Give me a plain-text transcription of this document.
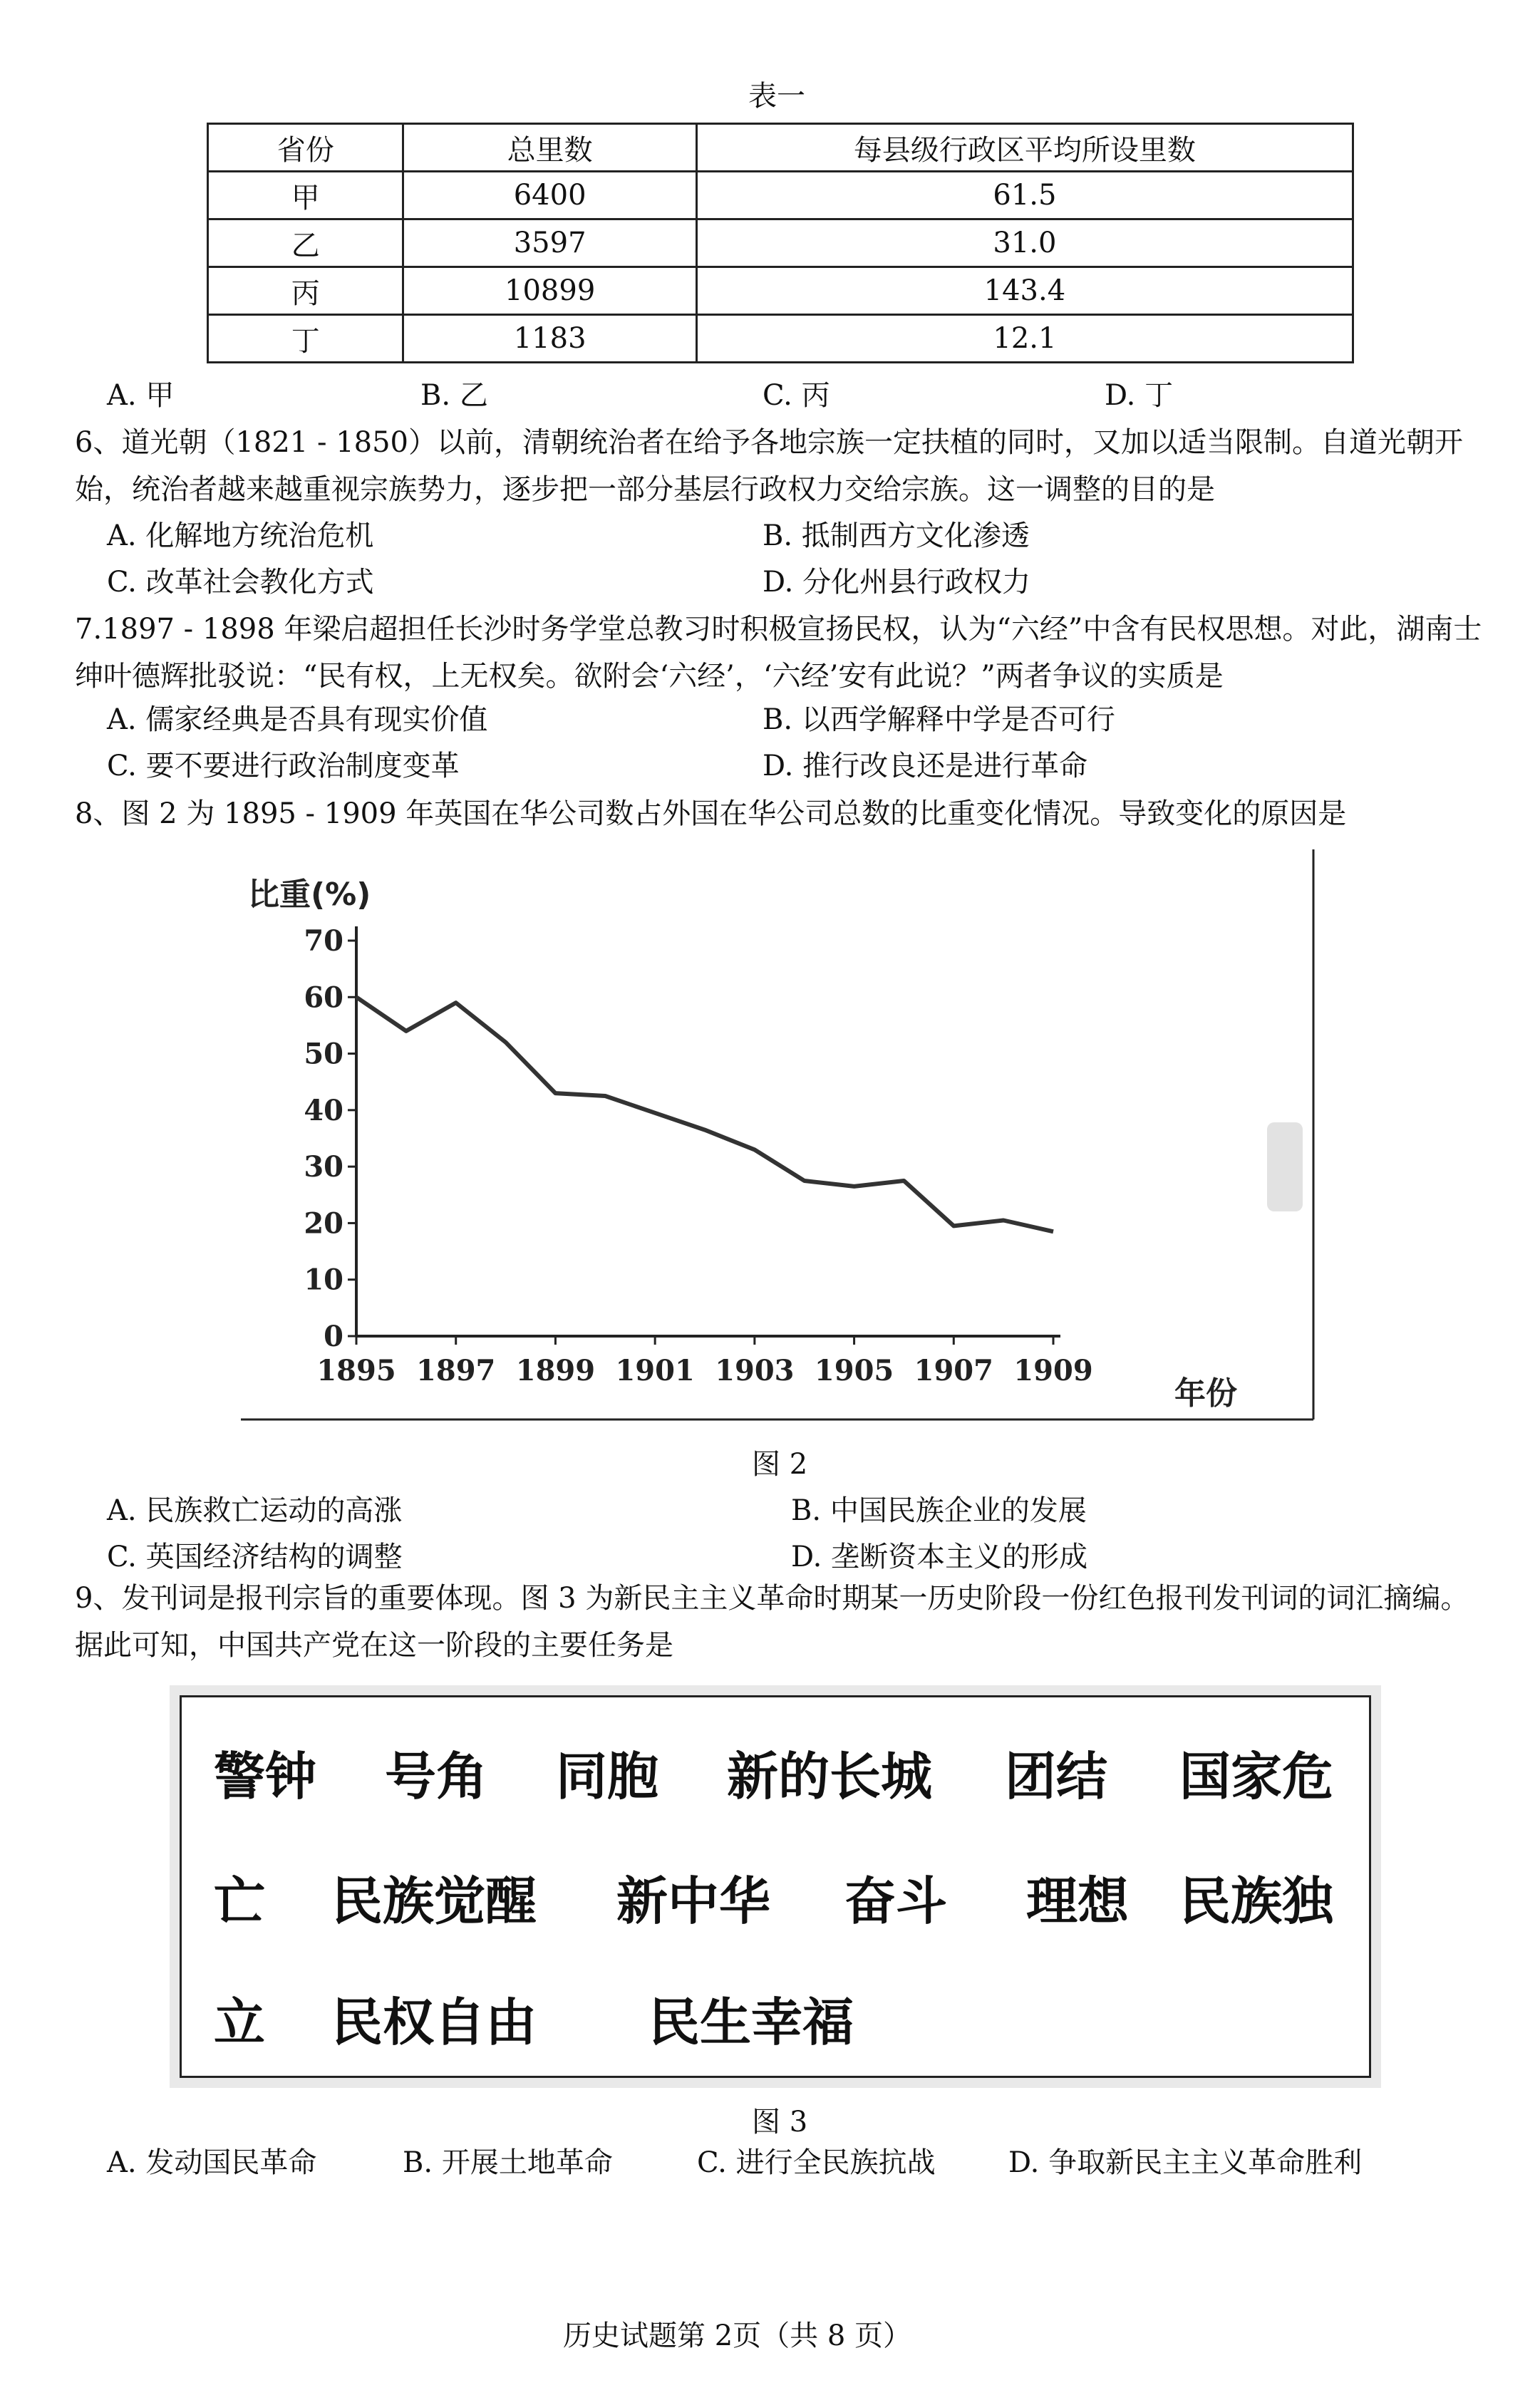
表一
省份	总里数	每县级行政区平均所设里数
甲	6400	61.5
乙	3597	31.0
丙	10899	143.4
丁	1183	12.1
A. 甲	B. 乙	C. 丙	D. 丁
6、道光朝（1821 - 1850）以前，清朝统治者在给予各地宗族一定扶植的同时，又加以适当限制。自道光朝开始，统治者越来越重视宗族势力，逐步把一部分基层行政权力交给宗族。这一调整的目的是
A. 化解地方统治危机	B. 抵制西方文化渗透
C. 改革社会教化方式	D. 分化州县行政权力
7.1897 - 1898 年梁启超担任长沙时务学堂总教习时积极宣扬民权，认为“六经”中含有民权思想。对此，湖南士绅叶德辉批驳说：“民有权，上无权矣。欲附会‘六经’，‘六经’安有此说？”两者争议的实质是
A. 儒家经典是否具有现实价值	B. 以西学解释中学是否可行
C. 要不要进行政治制度变革	D. 推行改良还是进行革命
8、图 2 为 1895 - 1909 年英国在华公司数占外国在华公司总数的比重变化情况。导致变化的原因是
比重(%)
年份
0
10
20
30
40
50
60
70
1895 1897 1899 1901 1903 1905 1907 1909
图 2
A. 民族救亡运动的高涨	B. 中国民族企业的发展
C. 英国经济结构的调整	D. 垄断资本主义的形成
9、发刊词是报刊宗旨的重要体现。图 3 为新民主主义革命时期某一历史阶段一份红色报刊发刊词的词汇摘编。据此可知，中国共产党在这一阶段的主要任务是
警钟 号角 同胞 新的长城 团结 国家危
亡 民族觉醒 新中华 奋斗 理想 民族独
立 民权自由 民生幸福
图 3
A. 发动国民革命	B. 开展土地革命	C. 进行全民族抗战	D. 争取新民主主义革命胜利
历史试题第 2页（共 8 页）
